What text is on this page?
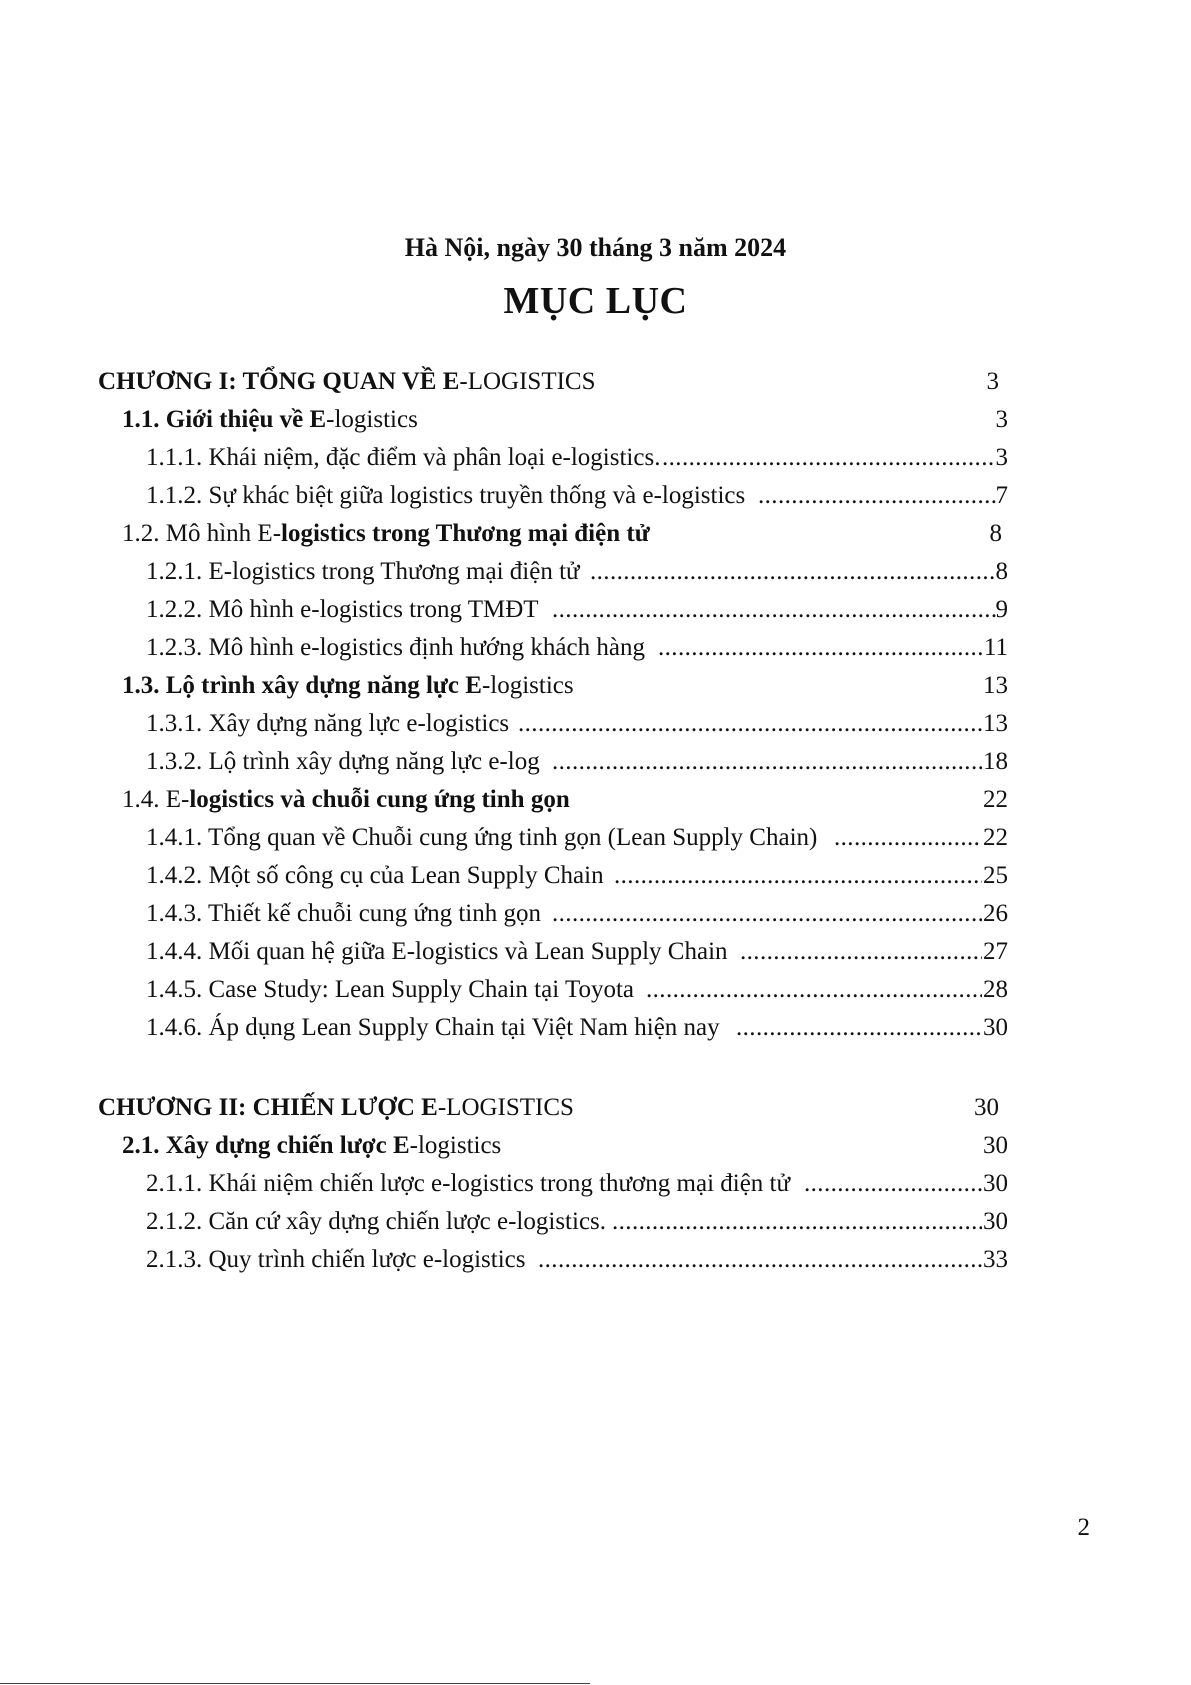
Hà Nội, ngày 30 tháng 3 năm 2024
MỤC LỤC
CHƯƠNG I: TỔNG QUAN VỀ E-LOGISTICS	3
1.1. Giới thiệu về E-logistics	3
1.1.1. Khái niệm, đặc điểm và phân loại e-logistics. .....	3
1.1.2. Sự khác biệt giữa logistics truyền thống và e-logistics .....	7
1.2. Mô hình E-logistics trong Thương mại điện tử	8
1.2.1. E-logistics trong Thương mại điện tử .....	8
1.2.2. Mô hình e-logistics trong TMĐT .....	9
1.2.3. Mô hình e-logistics định hướng khách hàng .....	11
1.3. Lộ trình xây dựng năng lực E-logistics	13
1.3.1. Xây dựng năng lực e-logistics .....	13
1.3.2. Lộ trình xây dựng năng lực e-log .....	18
1.4. E-logistics và chuỗi cung ứng tinh gọn	22
1.4.1. Tổng quan về Chuỗi cung ứng tinh gọn (Lean Supply Chain) .....	22
1.4.2. Một số công cụ của Lean Supply Chain .....	25
1.4.3. Thiết kế chuỗi cung ứng tinh gọn .....	26
1.4.4. Mối quan hệ giữa E-logistics và Lean Supply Chain .....	27
1.4.5. Case Study: Lean Supply Chain tại Toyota .....	28
1.4.6. Áp dụng Lean Supply Chain tại Việt Nam hiện nay .....	30
CHƯƠNG II: CHIẾN LƯỢC E-LOGISTICS	30
2.1. Xây dựng chiến lược E-logistics	30
2.1.1. Khái niệm chiến lược e-logistics trong thương mại điện tử .....	30
2.1.2. Căn cứ xây dựng chiến lược e-logistics. .....	30
2.1.3. Quy trình chiến lược e-logistics .....	33
2
